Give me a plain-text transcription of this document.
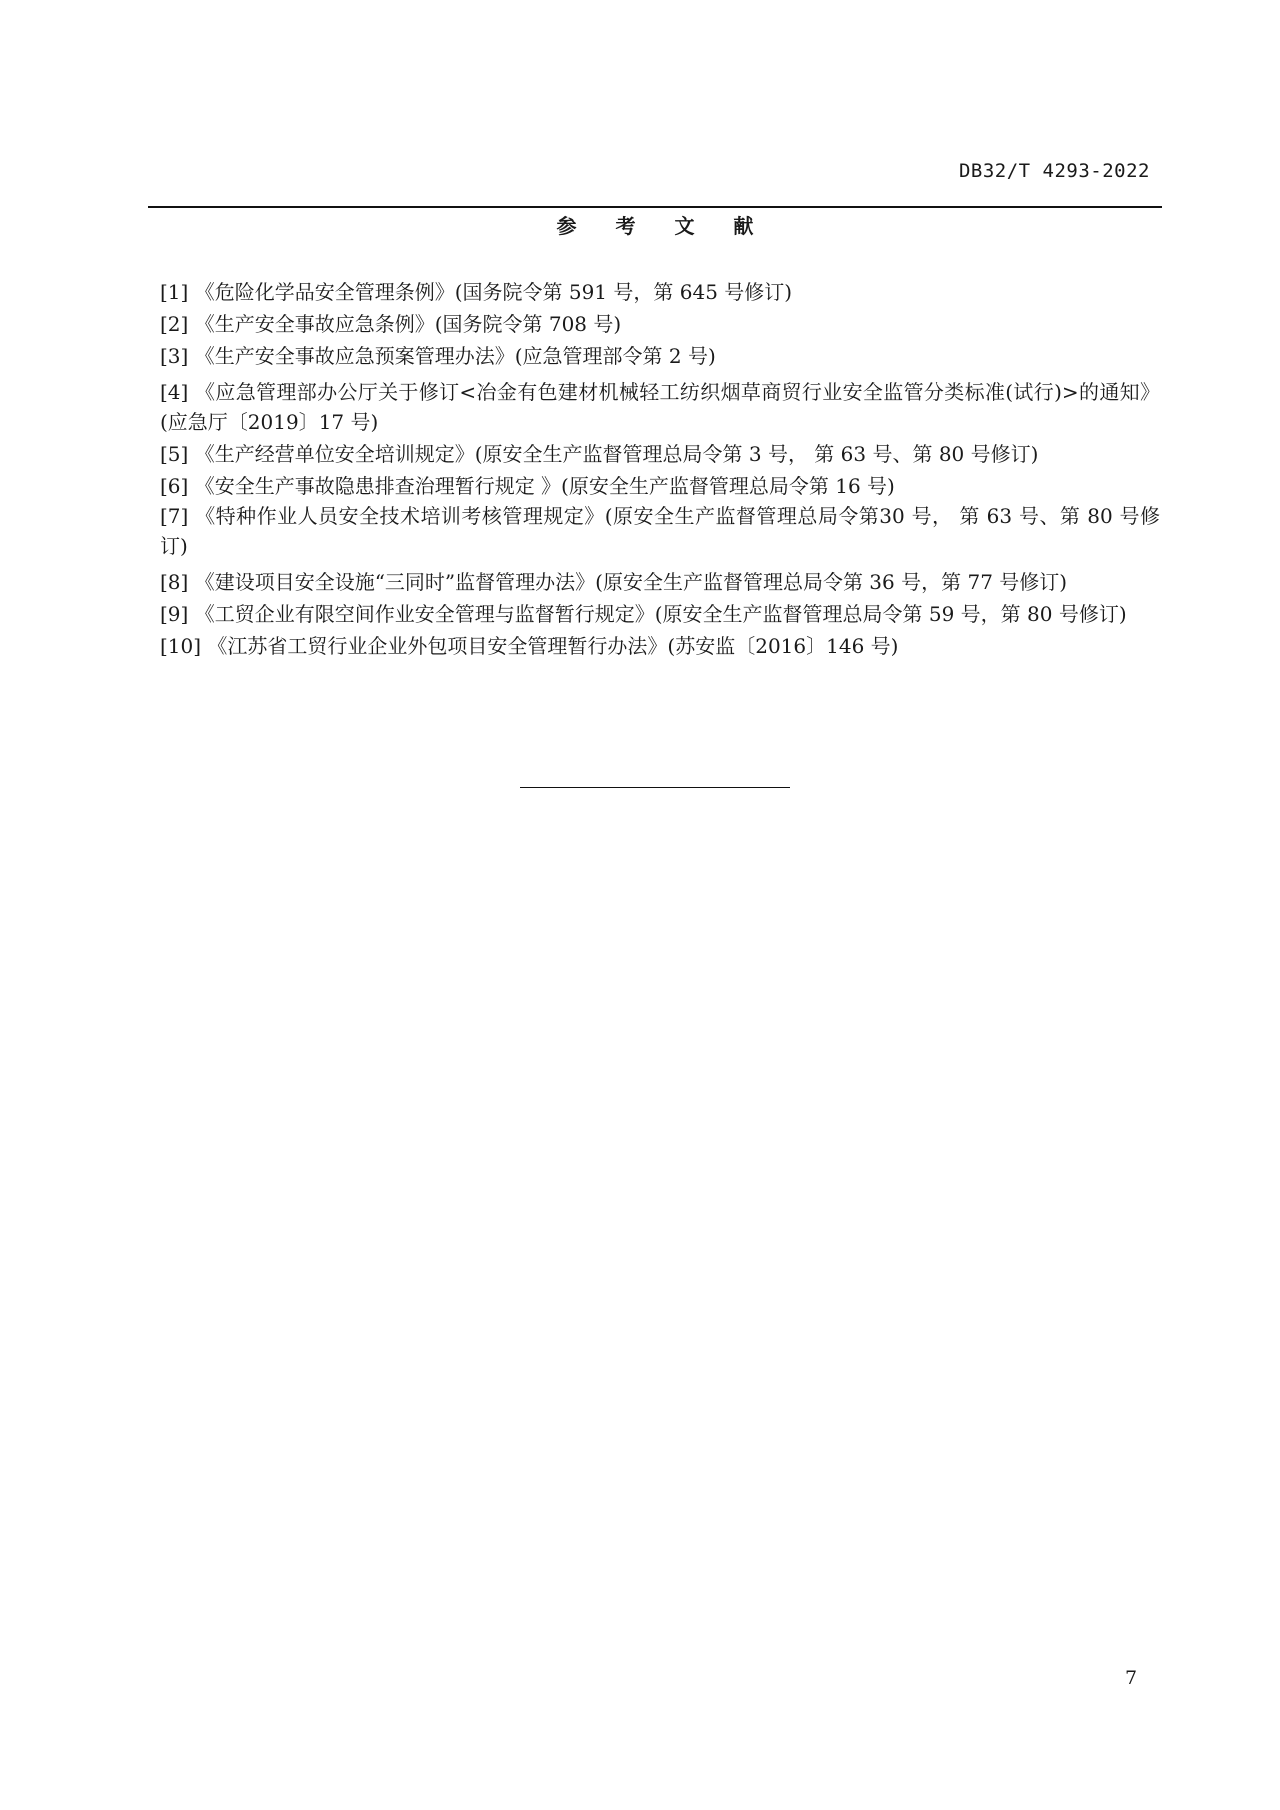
DB32/T 4293-2022
参 考 文 献
[1] 《危险化学品安全管理条例》(国务院令第 591 号，第 645 号修订)
[2] 《生产安全事故应急条例》(国务院令第 708 号)
[3] 《生产安全事故应急预案管理办法》(应急管理部令第 2 号)
[4] 《应急管理部办公厅关于修订<冶金有色建材机械轻工纺织烟草商贸行业安全监管分类标准(试行)>的通知》(应急厅〔2019〕17 号)
[5] 《生产经营单位安全培训规定》(原安全生产监督管理总局令第 3 号， 第 63 号、第 80 号修订)
[6] 《安全生产事故隐患排查治理暂行规定 》(原安全生产监督管理总局令第 16 号)
[7] 《特种作业人员安全技术培训考核管理规定》(原安全生产监督管理总局令第30 号， 第 63 号、第 80 号修订)
[8] 《建设项目安全设施“三同时”监督管理办法》(原安全生产监督管理总局令第 36 号，第 77 号修订)
[9] 《工贸企业有限空间作业安全管理与监督暂行规定》(原安全生产监督管理总局令第 59 号，第 80 号修订)
[10] 《江苏省工贸行业企业外包项目安全管理暂行办法》(苏安监〔2016〕146 号)
7
